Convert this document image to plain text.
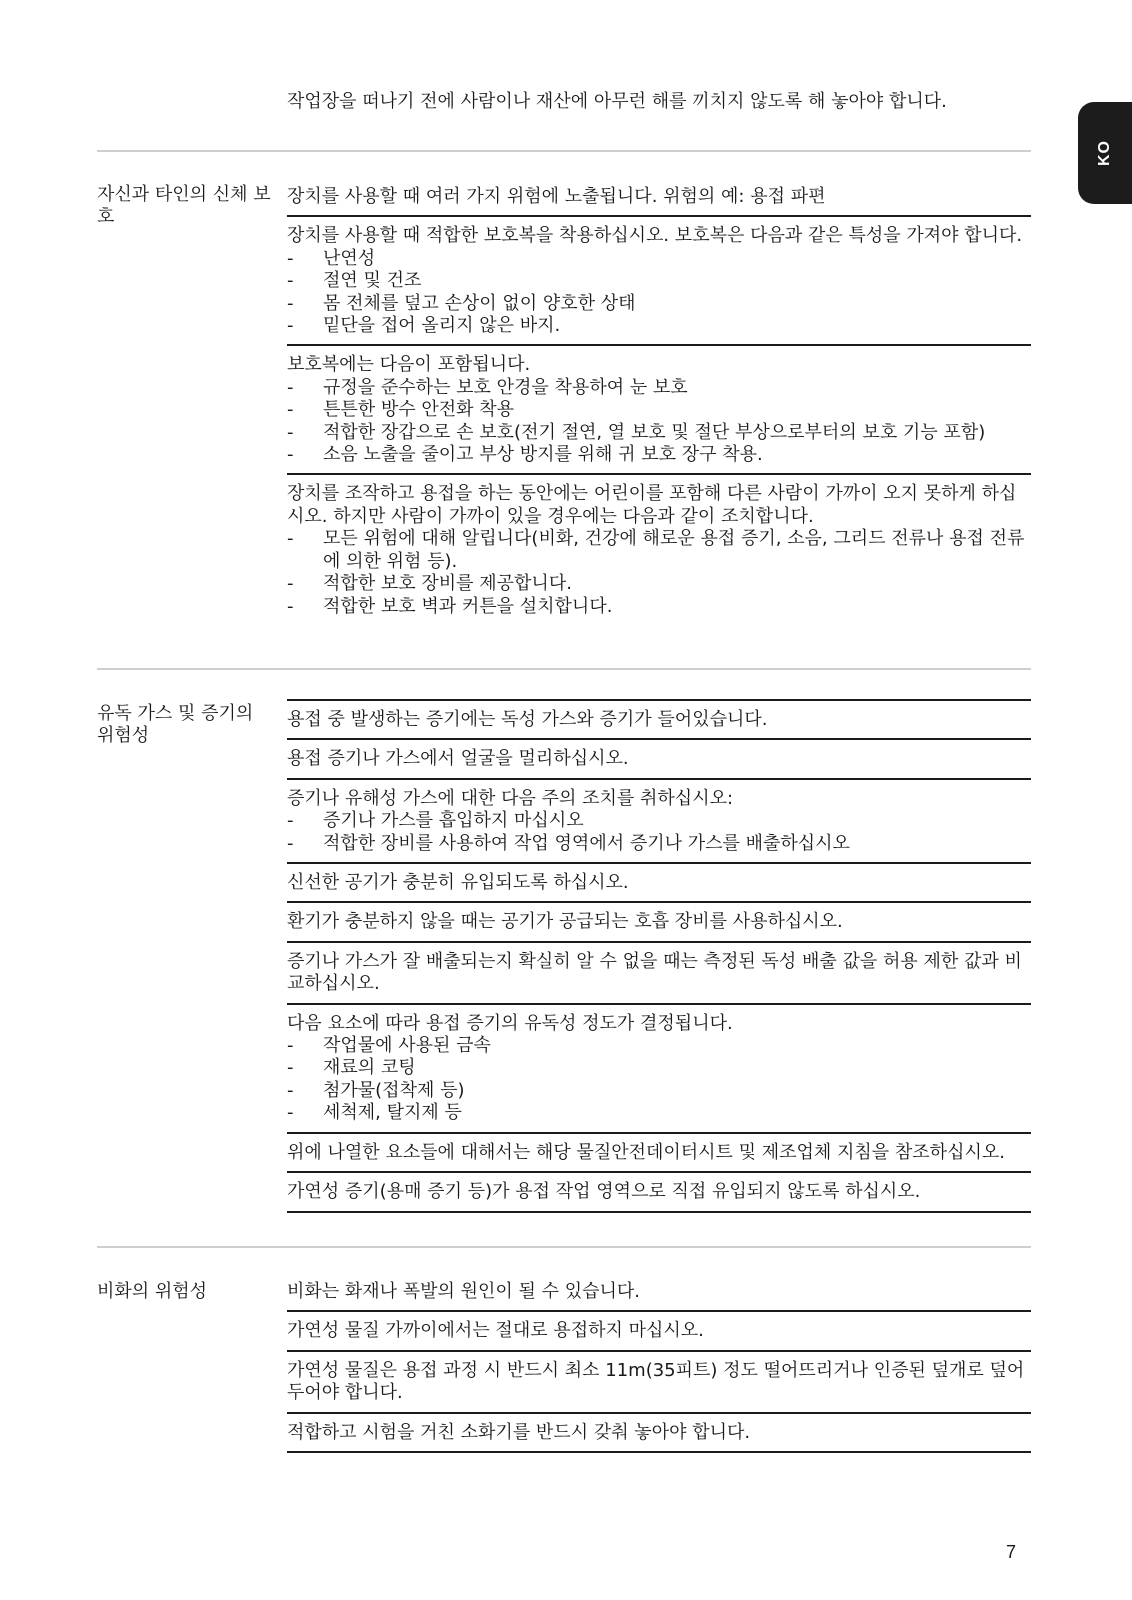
KO
작업장을 떠나기 전에 사람이나 재산에 아무런 해를 끼치지 않도록 해 놓아야 합니다.
자신과 타인의 신체 보호
장치를 사용할 때 여러 가지 위험에 노출됩니다. 위험의 예: 용접 파편
장치를 사용할 때 적합한 보호복을 착용하십시오. 보호복은 다음과 같은 특성을 가져야 합니다.
- 난연성
- 절연 및 건조
- 몸 전체를 덮고 손상이 없이 양호한 상태
- 밑단을 접어 올리지 않은 바지.
보호복에는 다음이 포함됩니다.
- 규정을 준수하는 보호 안경을 착용하여 눈 보호
- 튼튼한 방수 안전화 착용
- 적합한 장갑으로 손 보호(전기 절연, 열 보호 및 절단 부상으로부터의 보호 기능 포함)
- 소음 노출을 줄이고 부상 방지를 위해 귀 보호 장구 착용.
장치를 조작하고 용접을 하는 동안에는 어린이를 포함해 다른 사람이 가까이 오지 못하게 하십시오. 하지만 사람이 가까이 있을 경우에는 다음과 같이 조치합니다.
- 모든 위험에 대해 알립니다(비화, 건강에 해로운 용접 증기, 소음, 그리드 전류나 용접 전류에 의한 위험 등).
- 적합한 보호 장비를 제공합니다.
- 적합한 보호 벽과 커튼을 설치합니다.
유독 가스 및 증기의 위험성
용접 중 발생하는 증기에는 독성 가스와 증기가 들어있습니다.
용접 증기나 가스에서 얼굴을 멀리하십시오.
증기나 유해성 가스에 대한 다음 주의 조치를 취하십시오:
- 증기나 가스를 흡입하지 마십시오
- 적합한 장비를 사용하여 작업 영역에서 증기나 가스를 배출하십시오
신선한 공기가 충분히 유입되도록 하십시오.
환기가 충분하지 않을 때는 공기가 공급되는 호흡 장비를 사용하십시오.
증기나 가스가 잘 배출되는지 확실히 알 수 없을 때는 측정된 독성 배출 값을 허용 제한 값과 비교하십시오.
다음 요소에 따라 용접 증기의 유독성 정도가 결정됩니다.
- 작업물에 사용된 금속
- 재료의 코팅
- 첨가물(접착제 등)
- 세척제, 탈지제 등
위에 나열한 요소들에 대해서는 해당 물질안전데이터시트 및 제조업체 지침을 참조하십시오.
가연성 증기(용매 증기 등)가 용접 작업 영역으로 직접 유입되지 않도록 하십시오.
비화의 위험성	비화는 화재나 폭발의 원인이 될 수 있습니다.
가연성 물질 가까이에서는 절대로 용접하지 마십시오.
가연성 물질은 용접 과정 시 반드시 최소 11m(35피트) 정도 떨어뜨리거나 인증된 덮개로 덮어두어야 합니다.
적합하고 시험을 거친 소화기를 반드시 갖춰 놓아야 합니다.
7
